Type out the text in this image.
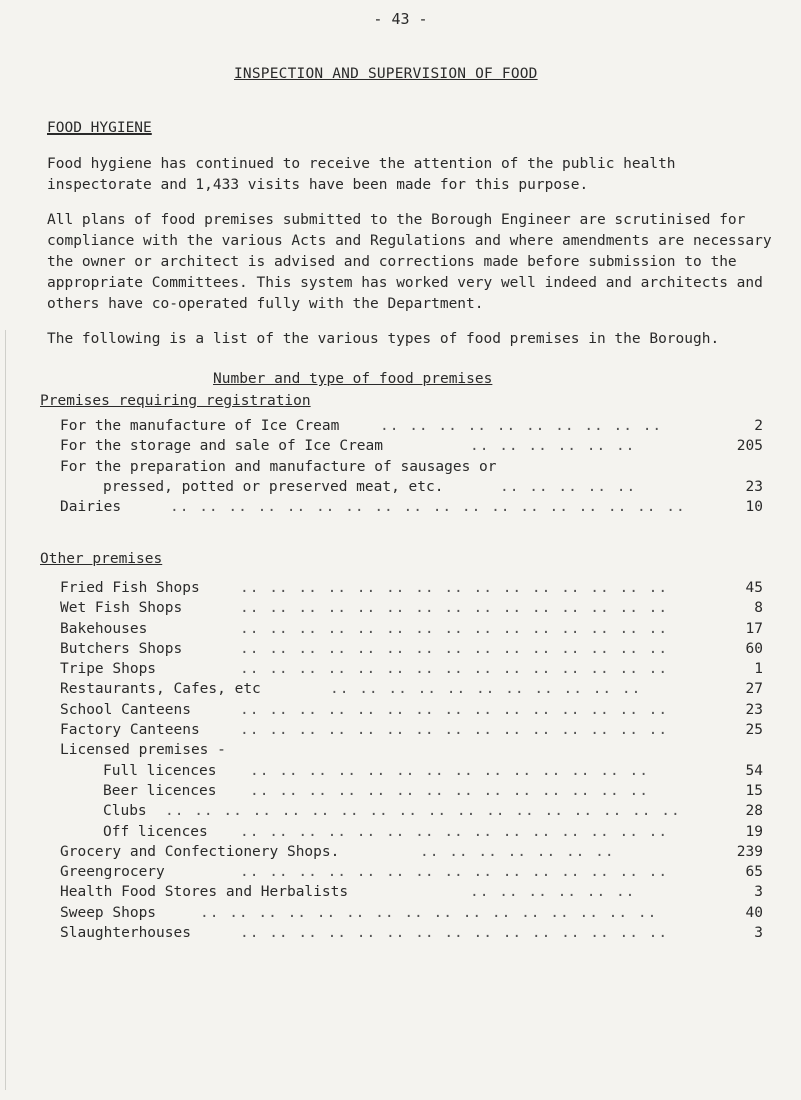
- 43 -
INSPECTION AND SUPERVISION OF FOOD
FOOD HYGIENE
Food hygiene has continued to receive the attention of the public health inspectorate and 1,433 visits have been made for this purpose.
All plans of food premises submitted to the Borough Engineer are scrutinised for compliance with the various Acts and Regulations and where amendments are necessary the owner or architect is advised and corrections made before submission to the appropriate Committees. This system has worked very well indeed and architects and others have co-operated fully with the Department.
The following is a list of the various types of food premises in the Borough.
Number and type of food premises
Premises requiring registration
For the manufacture of Ice Cream	.. .. .. .. .. .. .. .. .. ..	2
For the storage and sale of Ice Cream	.. .. .. .. .. ..	205
For the preparation and manufacture of sausages or
pressed, potted or preserved meat, etc.	.. .. .. .. ..	23
Dairies	.. .. .. .. .. .. .. .. .. .. .. .. .. .. .. .. .. ..	10
Other premises
Fried Fish Shops	.. .. .. .. .. .. .. .. .. .. .. .. .. .. ..	45
Wet Fish Shops	.. .. .. .. .. .. .. .. .. .. .. .. .. .. ..	8
Bakehouses	.. .. .. .. .. .. .. .. .. .. .. .. .. .. ..	17
Butchers Shops	.. .. .. .. .. .. .. .. .. .. .. .. .. .. ..	60
Tripe Shops	.. .. .. .. .. .. .. .. .. .. .. .. .. .. ..	1
Restaurants, Cafes, etc	.. .. .. .. .. .. .. .. .. .. ..	27
School Canteens	.. .. .. .. .. .. .. .. .. .. .. .. .. .. ..	23
Factory Canteens	.. .. .. .. .. .. .. .. .. .. .. .. .. .. ..	25
Licensed premises -
Full licences .. .. .. .. .. .. .. .. .. .. .. .. .. ..	54
Beer licences .. .. .. .. .. .. .. .. .. .. .. .. .. ..	15
Clubs .. .. .. .. .. .. .. .. .. .. .. .. .. .. .. .. .. ..	28
Off licences .. .. .. .. .. .. .. .. .. .. .. .. .. .. ..	19
Grocery and Confectionery Shops.	.. .. .. .. .. .. ..	239
Greengrocery	.. .. .. .. .. .. .. .. .. .. .. .. .. .. ..	65
Health Food Stores and Herbalists	.. .. .. .. .. ..	3
Sweep Shops	.. .. .. .. .. .. .. .. .. .. .. .. .. .. .. ..	40
Slaughterhouses	.. .. .. .. .. .. .. .. .. .. .. .. .. .. ..	3
